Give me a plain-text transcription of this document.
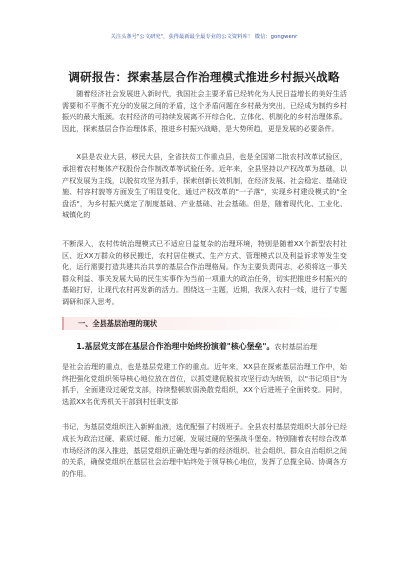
关注头条号"公文研究"，获得最新最全最专业的公文资料库！ 微信：gongwenr
调研报告：探索基层合作治理模式推进乡村振兴战略

随着经济社会发展进入新时代，我国社会主要矛盾已经转化为人民日益增长的美好生活需要和不平衡不充分的发展之间的矛盾，这个矛盾问题在乡村最为突出，已经成为制约乡村振兴的最大瓶颈。农村经济的可持续发展离不开综合化、立体化、机制化的乡村治理体系。因此，探索基层合作治理体系，推进乡村振兴战略，是大势所趋，更是发展的必要条件。

X县是农业大县，移民大县，全省扶贫工作重点县，也是全国第二批农村改革试验区，承担着农村集体产权股份合作制改革等试验任务。近年来，全县坚持以产权改革为基础，以产权发展为主线，以脱贫攻坚为抓手，探索创新长效机制，在经济发展、社会稳定、基础设施、村容村貌等方面发生了明显变化，通过产权改革的"一子落"，实现乡村建设模式的"全盘活"，为乡村振兴奠定了制度基础、产业基础、社会基础。但是，随着现代化、工业化、城镇化的

不断深入，农村传统治理模式已不适应日益复杂的治理环境，特别是随着XX个新型农村社区、近XX万群众的移民搬迁，农村居住模式、生产方式、管理模式以及利益诉求等发生变化，运行需要打造共建共治共享的基层合作治理格局。作为主要负责同志，必须将这一事关群众利益、事关发展大局的民生实事作为当前一项重大的政治任务，切实把推进乡村振兴的基础打好，让现代农村再发新的活力。围绕这一主题，近期，我深入农村一线，进行了专题调研和深入思考。

一、全县基层治理的现状

1.基层党支部在基层合作治理中始终扮演着"核心堡垒"。农村基层治理

是社会治理的重点，也是基层党建工作的重点。近年来，XX县在探索基层治理工作中，始终把强化党组织领导核心地位放在首位，以抓党建促脱贫攻坚行动为统领，以"书记项目"为抓手，全面建设过硬党支部，持续整顿软弱涣散党组织，XX个后进班子全面转变。同时，选派XX名优秀机关干部到村任职支部

书记，为基层党组织注入新鲜血液，选优配强了村级班子。全县农村基层党组织大部分已经成长为政治过硬、素质过硬、能力过硬、发展过硬的坚强战斗堡垒。特别随着农村综合改革市场经济的深入推进，基层党组织正确处理与新的经济组织、社会组织、群众自治组织之间的关系，确保党组织在基层社会治理中始终处于领导核心地位，发挥了总揽全局、协调各方的作用。
